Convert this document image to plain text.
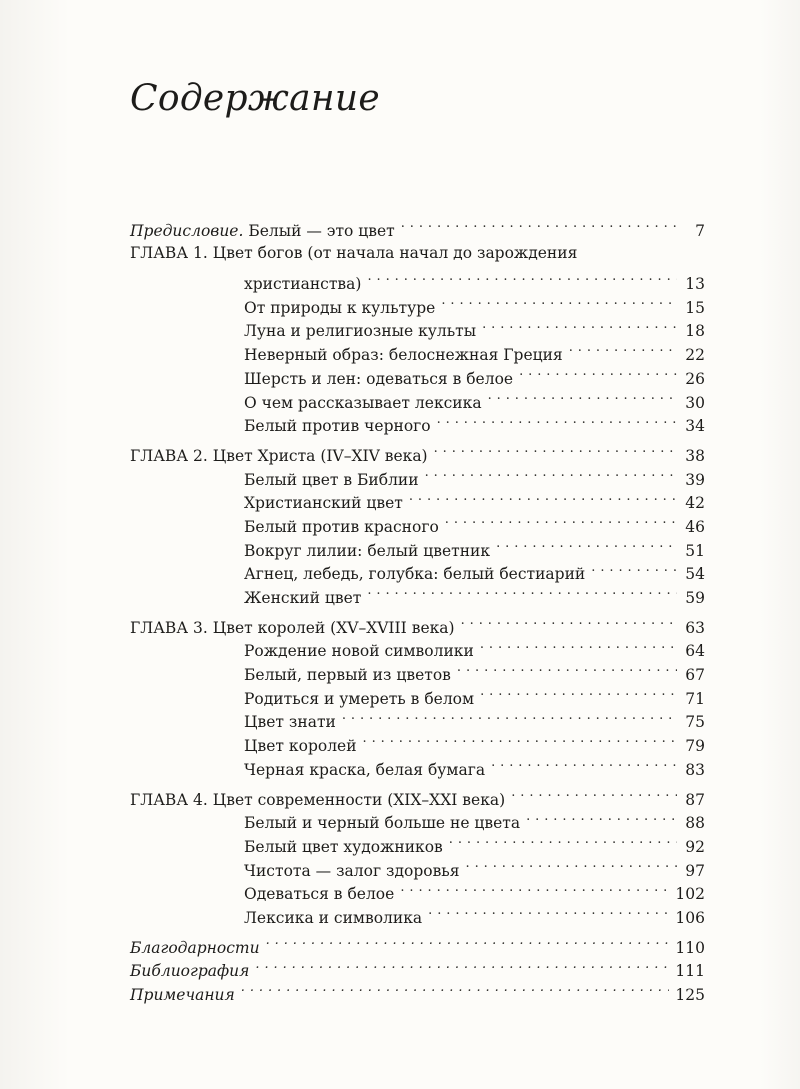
Содержание
Предисловие. Белый — это цвет . . .	7
ГЛАВА 1. Цвет богов (от начала начал до зарождения
христианства) . . .	13
От природы к культуре . . .	15
Луна и религиозные культы . . .	18
Неверный образ: белоснежная Греция . . .	22
Шерсть и лен: одеваться в белое . . .	26
О чем рассказывает лексика . . .	30
Белый против черного . . .	34
ГЛАВА 2. Цвет Христа (IV–XIV века) . . .	38
Белый цвет в Библии . . .	39
Христианский цвет . . .	42
Белый против красного . . .	46
Вокруг лилии: белый цветник . . .	51
Агнец, лебедь, голубка: белый бестиарий . . .	54
Женский цвет . . .	59
ГЛАВА 3. Цвет королей (XV–XVIII века) . . .	63
Рождение новой символики . . .	64
Белый, первый из цветов . . .	67
Родиться и умереть в белом . . .	71
Цвет знати . . .	75
Цвет королей . . .	79
Черная краска, белая бумага . . .	83
ГЛАВА 4. Цвет современности (XIX–XXI века) . . .	87
Белый и черный больше не цвета . . .	88
Белый цвет художников . . .	92
Чистота — залог здоровья . . .	97
Одеваться в белое . . .	102
Лексика и символика . . .	106
Благодарности . . .	110
Библиография . . .	111
Примечания . . .	125
